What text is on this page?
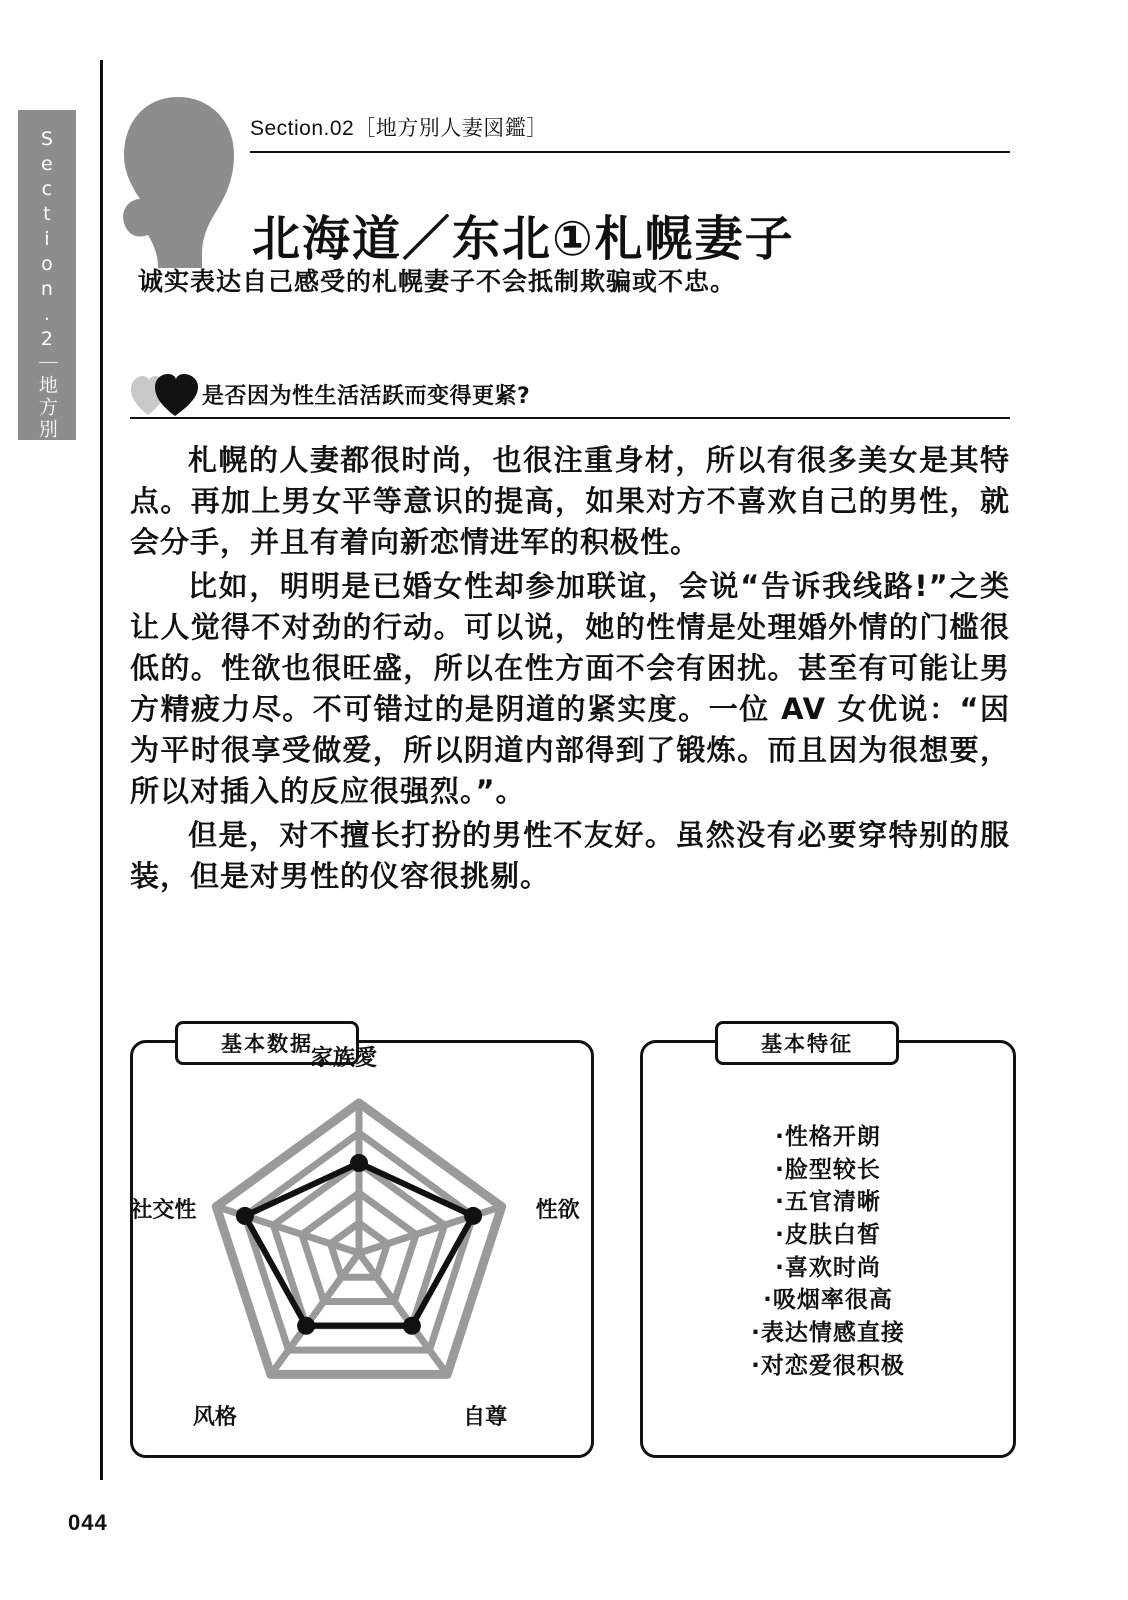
Section.2｜地方別人妻図鑑	Section.02［地方別人妻図鑑］
北海道／东北①札幌妻子
诚实表达自己感受的札幌妻子不会抵制欺骗或不忠。
是否因为性生活活跃而变得更紧?

札幌的人妻都很时尚，也很注重身材，所以有很多美女是其特点。再加上男女平等意识的提高，如果对方不喜欢自己的男性，就会分手，并且有着向新恋情进军的积极性。

比如，明明是已婚女性却参加联谊，会说“告诉我线路!”之类让人觉得不对劲的行动。可以说，她的性情是处理婚外情的门槛很低的。性欲也很旺盛，所以在性方面不会有困扰。甚至有可能让男方精疲力尽。不可错过的是阴道的紧实度。一位 AV 女优说：“因为平时很享受做爱，所以阴道内部得到了锻炼。而且因为很想要，所以对插入的反应很强烈。”。

但是，对不擅长打扮的男性不友好。虽然没有必要穿特别的服装，但是对男性的仪容很挑剔。

基本数据
家族愛
性欲
自尊
风格
社交性
基本特征
·性格开朗
·脸型较长
·五官清晰
·皮肤白皙
·喜欢时尚
·吸烟率很高
·表达情感直接
·对恋爱很积极
044
